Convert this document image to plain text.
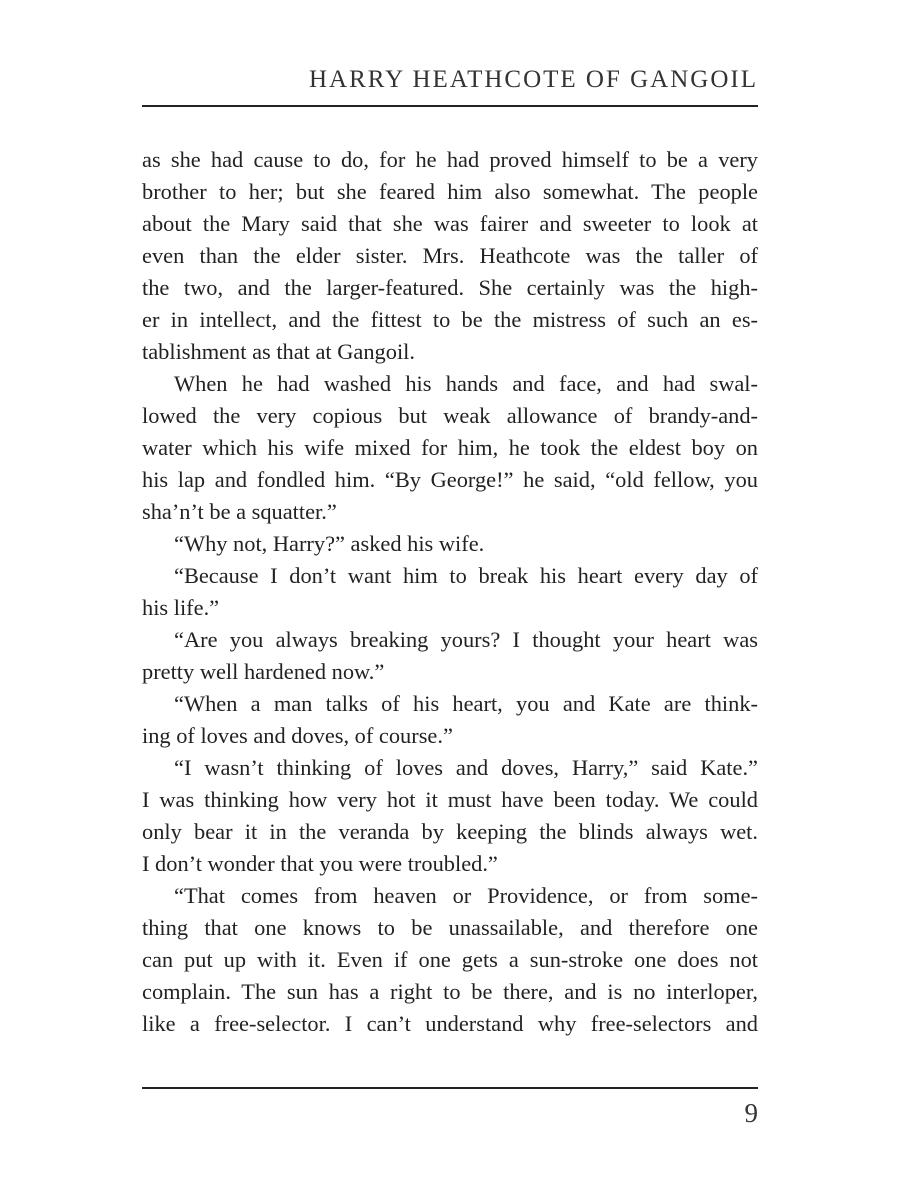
HARRY HEATHCOTE OF GANGOIL
as she had cause to do, for he had proved himself to be a very
brother to her; but she feared him also somewhat. The people
about the Mary said that she was fairer and sweeter to look at
even than the elder sister. Mrs. Heathcote was the taller of
the two, and the larger-featured. She certainly was the high-
er in intellect, and the fittest to be the mistress of such an es-
tablishment as that at Gangoil.
When he had washed his hands and face, and had swal-
lowed the very copious but weak allowance of brandy-and-
water which his wife mixed for him, he took the eldest boy on
his lap and fondled him. “By George!” he said, “old fellow, you
sha’n’t be a squatter.”
“Why not, Harry?” asked his wife.
“Because I don’t want him to break his heart every day of
his life.”
“Are you always breaking yours? I thought your heart was
pretty well hardened now.”
“When a man talks of his heart, you and Kate are think-
ing of loves and doves, of course.”
“I wasn’t thinking of loves and doves, Harry,” said Kate.”
I was thinking how very hot it must have been today. We could
only bear it in the veranda by keeping the blinds always wet.
I don’t wonder that you were troubled.”
“That comes from heaven or Providence, or from some-
thing that one knows to be unassailable, and therefore one
can put up with it. Even if one gets a sun-stroke one does not
complain. The sun has a right to be there, and is no interloper,
like a free-selector. I can’t understand why free-selectors and
9
